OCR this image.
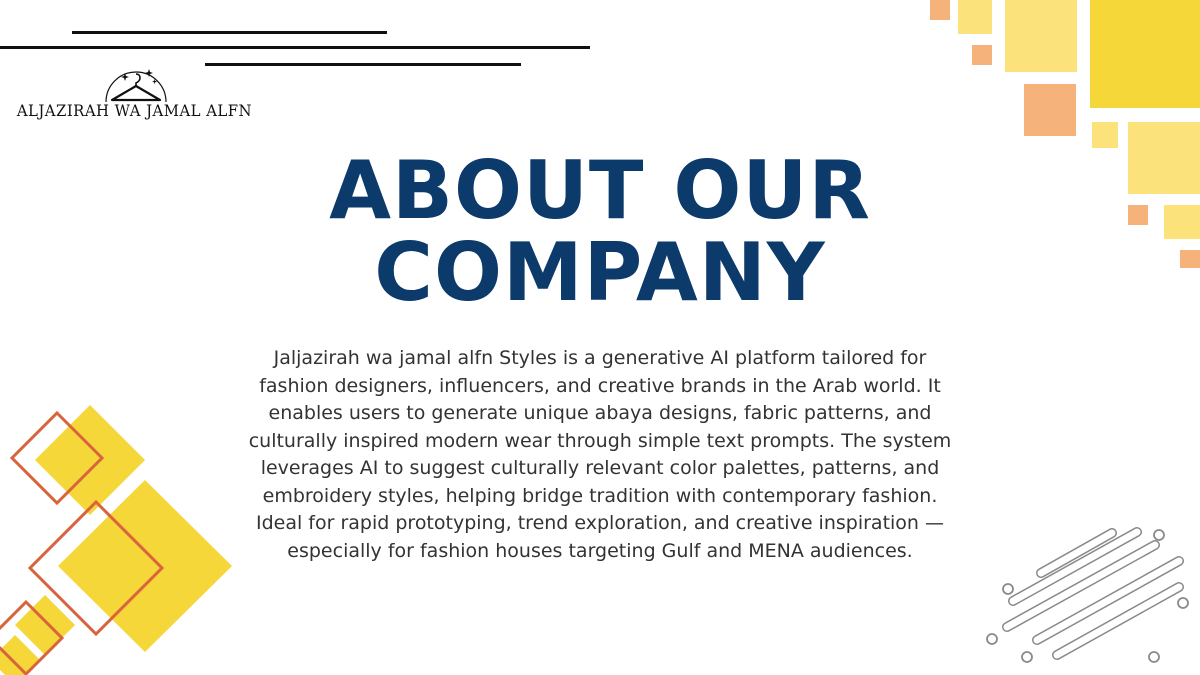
ALJAZIRAH WA JAMAL ALFN
ABOUT OUR COMPANY

Jaljazirah wa jamal alfn Styles is a generative AI platform tailored for fashion designers, influencers, and creative brands in the Arab world. It enables users to generate unique abaya designs, fabric patterns, and culturally inspired modern wear through simple text prompts. The system leverages AI to suggest culturally relevant color palettes, patterns, and embroidery styles, helping bridge tradition with contemporary fashion. Ideal for rapid prototyping, trend exploration, and creative inspiration — especially for fashion houses targeting Gulf and MENA audiences.
